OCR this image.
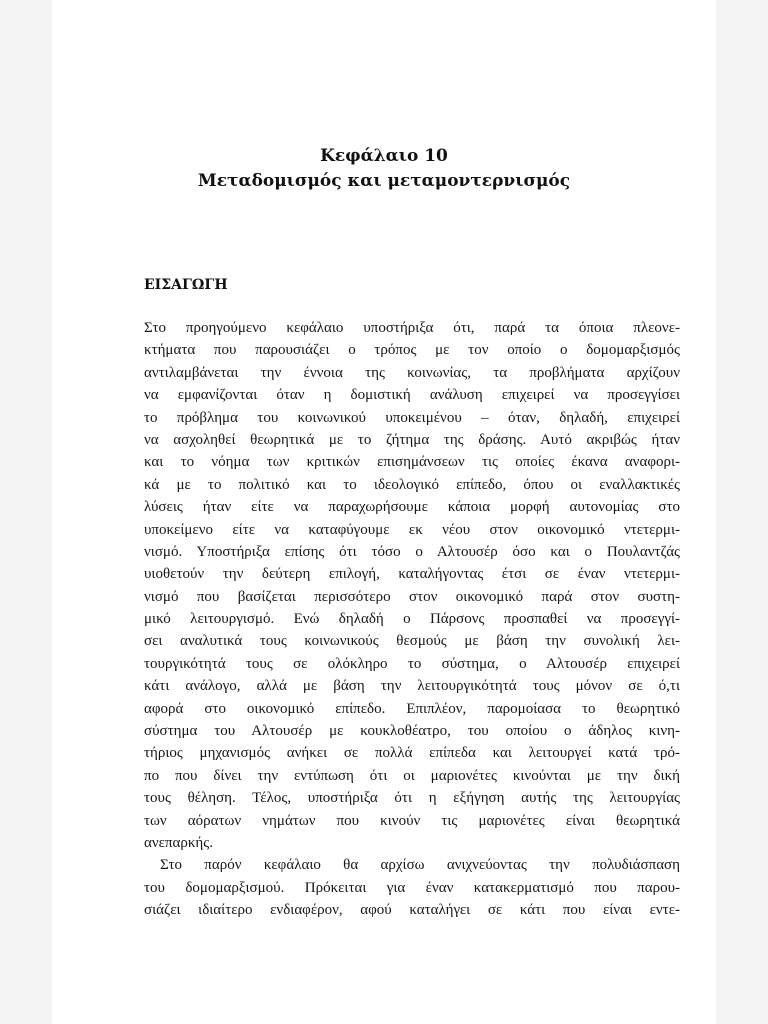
Κεφάλαιο 10
Μεταδομισμός και μεταμοντερνισμός
ΕΙΣΑΓΩΓΗ
Στο προηγούμενο κεφάλαιο υποστήριξα ότι, παρά τα όποια πλεονε-
κτήματα που παρουσιάζει ο τρόπος με τον οποίο ο δομομαρξισμός
αντιλαμβάνεται την έννοια της κοινωνίας, τα προβλήματα αρχίζουν
να εμφανίζονται όταν η δομιστική ανάλυση επιχειρεί να προσεγγίσει
το πρόβλημα του κοινωνικού υποκειμένου – όταν, δηλαδή, επιχειρεί
να ασχοληθεί θεωρητικά με το ζήτημα της δράσης. Αυτό ακριβώς ήταν
και το νόημα των κριτικών επισημάνσεων τις οποίες έκανα αναφορι-
κά με το πολιτικό και το ιδεολογικό επίπεδο, όπου οι εναλλακτικές
λύσεις ήταν είτε να παραχωρήσουμε κάποια μορφή αυτονομίας στο
υποκείμενο είτε να καταφύγουμε εκ νέου στον οικονομικό ντετερμι-
νισμό. Υποστήριξα επίσης ότι τόσο ο Αλτουσέρ όσο και ο Πουλαντζάς
υιοθετούν την δεύτερη επιλογή, καταλήγοντας έτσι σε έναν ντετερμι-
νισμό που βασίζεται περισσότερο στον οικονομικό παρά στον συστη-
μικό λειτουργισμό. Ενώ δηλαδή ο Πάρσονς προσπαθεί να προσεγγί-
σει αναλυτικά τους κοινωνικούς θεσμούς με βάση την συνολική λει-
τουργικότητά τους σε ολόκληρο το σύστημα, ο Αλτουσέρ επιχειρεί
κάτι ανάλογο, αλλά με βάση την λειτουργικότητά τους μόνον σε ό,τι
αφορά στο οικονομικό επίπεδο. Επιπλέον, παρομοίασα το θεωρητικό
σύστημα του Αλτουσέρ με κουκλοθέατρο, του οποίου ο άδηλος κινη-
τήριος μηχανισμός ανήκει σε πολλά επίπεδα και λειτουργεί κατά τρό-
πο που δίνει την εντύπωση ότι οι μαριονέτες κινούνται με την δική
τους θέληση. Τέλος, υποστήριξα ότι η εξήγηση αυτής της λειτουργίας
των αόρατων νημάτων που κινούν τις μαριονέτες είναι θεωρητικά
ανεπαρκής.
Στο παρόν κεφάλαιο θα αρχίσω ανιχνεύοντας την πολυδιάσπαση
του δομομαρξισμού. Πρόκειται για έναν κατακερματισμό που παρου-
σιάζει ιδιαίτερο ενδιαφέρον, αφού καταλήγει σε κάτι που είναι εντε-
